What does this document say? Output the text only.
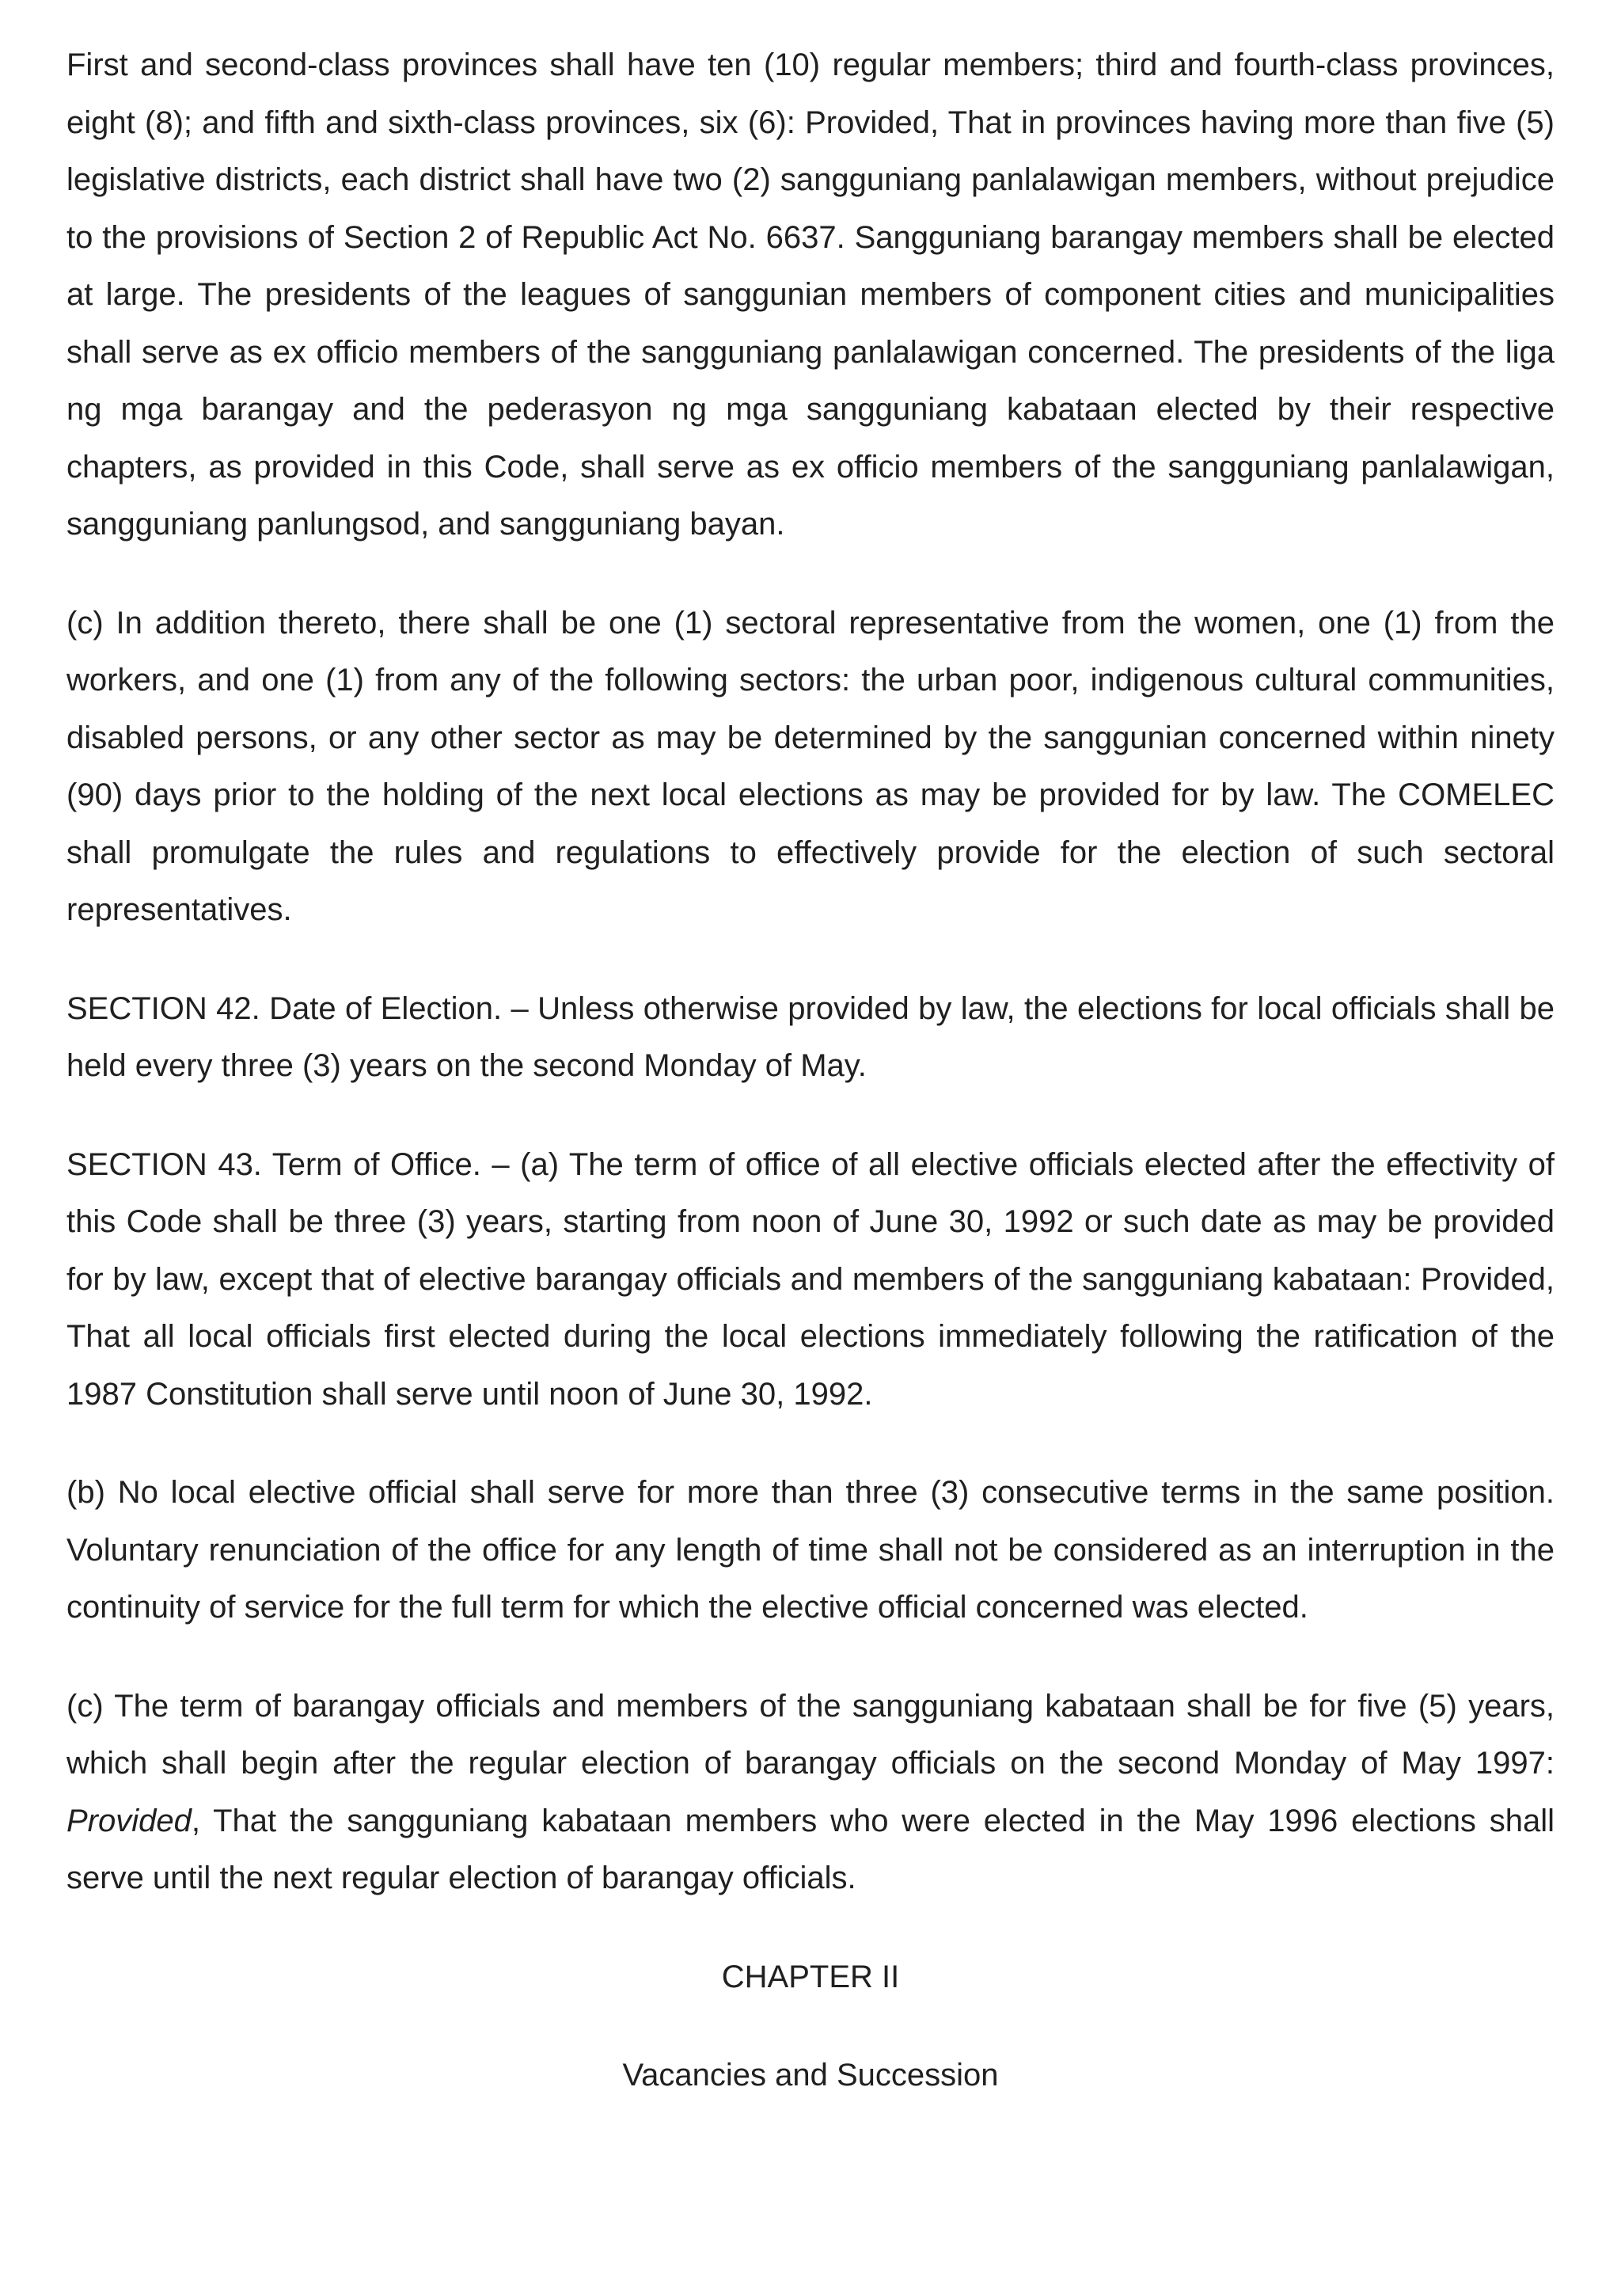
First and second-class provinces shall have ten (10) regular members; third and fourth-class provinces, eight (8); and fifth and sixth-class provinces, six (6): Provided, That in provinces having more than five (5) legislative districts, each district shall have two (2) sangguniang panlalawigan members, without prejudice to the provisions of Section 2 of Republic Act No. 6637. Sangguniang barangay members shall be elected at large. The presidents of the leagues of sanggunian members of component cities and municipalities shall serve as ex officio members of the sangguniang panlalawigan concerned. The presidents of the liga ng mga barangay and the pederasyon ng mga sangguniang kabataan elected by their respective chapters, as provided in this Code, shall serve as ex officio members of the sangguniang panlalawigan, sangguniang panlungsod, and sangguniang bayan.

(c) In addition thereto, there shall be one (1) sectoral representative from the women, one (1) from the workers, and one (1) from any of the following sectors: the urban poor, indigenous cultural communities, disabled persons, or any other sector as may be determined by the sanggunian concerned within ninety (90) days prior to the holding of the next local elections as may be provided for by law. The COMELEC shall promulgate the rules and regulations to effectively provide for the election of such sectoral representatives.

SECTION 42. Date of Election. – Unless otherwise provided by law, the elections for local officials shall be held every three (3) years on the second Monday of May.

SECTION 43. Term of Office. – (a) The term of office of all elective officials elected after the effectivity of this Code shall be three (3) years, starting from noon of June 30, 1992 or such date as may be provided for by law, except that of elective barangay officials and members of the sangguniang kabataan: Provided, That all local officials first elected during the local elections immediately following the ratification of the 1987 Constitution shall serve until noon of June 30, 1992.

(b) No local elective official shall serve for more than three (3) consecutive terms in the same position. Voluntary renunciation of the office for any length of time shall not be considered as an interruption in the continuity of service for the full term for which the elective official concerned was elected.

(c) The term of barangay officials and members of the sangguniang kabataan shall be for five (5) years, which shall begin after the regular election of barangay officials on the second Monday of May 1997: Provided, That the sangguniang kabataan members who were elected in the May 1996 elections shall serve until the next regular election of barangay officials.

CHAPTER II

Vacancies and Succession
